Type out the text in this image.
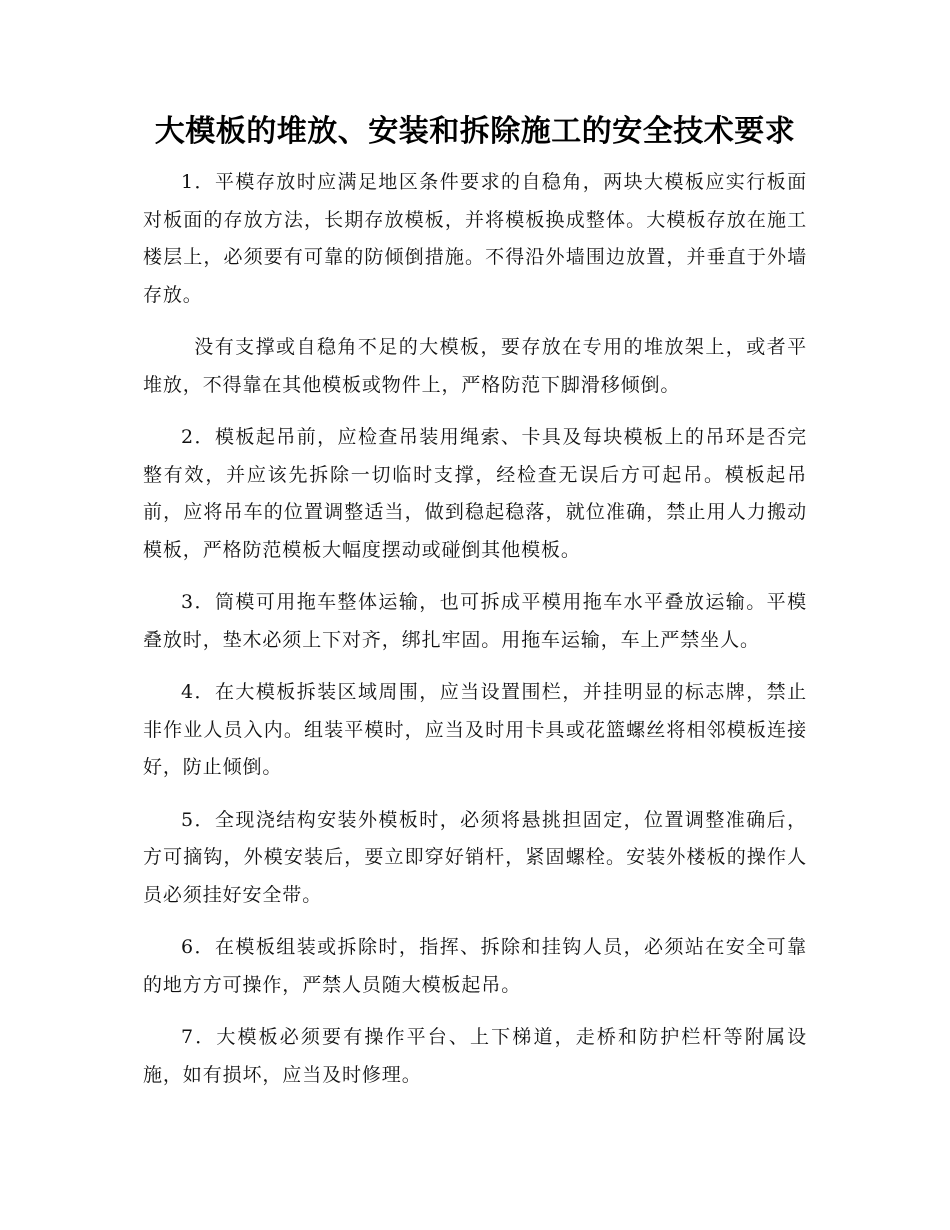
大模板的堆放、安装和拆除施工的安全技术要求

1．平模存放时应满足地区条件要求的自稳角，两块大模板应实行板面对板面的存放方法，长期存放模板，并将模板换成整体。大模板存放在施工楼层上，必须要有可靠的防倾倒措施。不得沿外墙围边放置，并垂直于外墙存放。

没有支撑或自稳角不足的大模板，要存放在专用的堆放架上，或者平堆放，不得靠在其他模板或物件上，严格防范下脚滑移倾倒。

2．模板起吊前，应检查吊装用绳索、卡具及每块模板上的吊环是否完整有效，并应该先拆除一切临时支撑，经检查无误后方可起吊。模板起吊前，应将吊车的位置调整适当，做到稳起稳落，就位准确，禁止用人力搬动模板，严格防范模板大幅度摆动或碰倒其他模板。

3．筒模可用拖车整体运输，也可拆成平模用拖车水平叠放运输。平模叠放时，垫木必须上下对齐，绑扎牢固。用拖车运输，车上严禁坐人。

4．在大模板拆装区域周围，应当设置围栏，并挂明显的标志牌，禁止非作业人员入内。组装平模时，应当及时用卡具或花篮螺丝将相邻模板连接好，防止倾倒。

5．全现浇结构安装外模板时，必须将悬挑担固定，位置调整准确后，方可摘钩，外模安装后，要立即穿好销杆，紧固螺栓。安装外楼板的操作人员必须挂好安全带。

6．在模板组装或拆除时，指挥、拆除和挂钩人员，必须站在安全可靠的地方方可操作，严禁人员随大模板起吊。

7．大模板必须要有操作平台、上下梯道，走桥和防护栏杆等附属设施，如有损坏，应当及时修理。
